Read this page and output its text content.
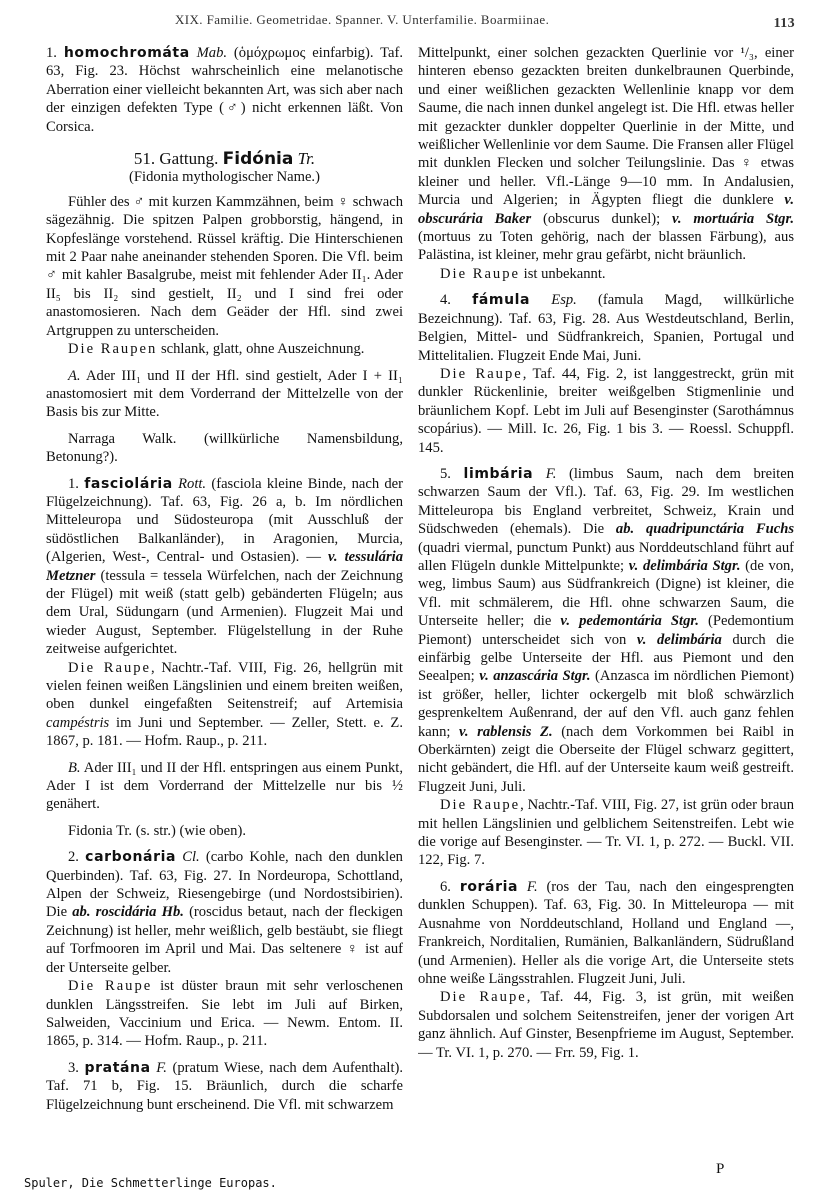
XIX. Familie. Geometridae. Spanner. V. Unterfamilie. Boarmiinae.	113

1. homochromáta Mab. (ὁμόχρωμος einfarbig). Taf. 63, Fig. 23. Höchst wahrscheinlich eine melanotische Aberration einer vielleicht bekannten Art, was sich aber nach der einzigen defekten Type (♂) nicht erkennen läßt. Von Corsica.

51. Gattung. Fidónia Tr.

(Fidonia mythologischer Name.)

Fühler des ♂ mit kurzen Kammzähnen, beim ♀ schwach sägezähnig. Die spitzen Palpen grobborstig, hängend, in Kopfeslänge vorstehend. Rüssel kräftig. Die Hinterschienen mit 2 Paar nahe aneinander stehenden Sporen. Die Vfl. beim ♂ mit kahler Basalgrube, meist mit fehlender Ader II₁. Ader II₅ bis II₂ sind gestielt, II₂ und I sind frei oder anastomosieren. Nach dem Geäder der Hfl. sind zwei Artgruppen zu unterscheiden.

Die Raupen schlank, glatt, ohne Auszeichnung.

A. Ader III₁ und II der Hfl. sind gestielt, Ader I + II₁ anastomosiert mit dem Vorderrand der Mittelzelle von der Basis bis zur Mitte.

Narraga Walk. (willkürliche Namensbildung, Betonung?).

1. fasciolária Rott. (fasciola kleine Binde, nach der Flügelzeichnung). Taf. 63, Fig. 26 a, b. Im nördlichen Mitteleuropa und Südosteuropa (mit Ausschluß der südöstlichen Balkanländer), in Aragonien, Murcia, (Algerien, West-, Central- und Ostasien). — v. tessulária Metzner (tessula = tessela Würfelchen, nach der Zeichnung der Flügel) mit weiß (statt gelb) gebänderten Flügeln; aus dem Ural, Südungarn (und Armenien). Flugzeit Mai und wieder August, September. Flügelstellung in der Ruhe zeitweise aufgerichtet.

Die Raupe, Nachtr.-Taf. VIII, Fig. 26, hellgrün mit vielen feinen weißen Längslinien und einem breiten weißen, oben dunkel eingefaßten Seitenstreif; auf Artemisia campéstris im Juni und September. — Zeller, Stett. e. Z. 1867, p. 181. — Hofm. Raup., p. 211.

B. Ader III₁ und II der Hfl. entspringen aus einem Punkt, Ader I ist dem Vorderrand der Mittelzelle nur bis ½ genähert.

Fidonia Tr. (s. str.) (wie oben).

2. carbonária Cl. (carbo Kohle, nach den dunklen Querbinden). Taf. 63, Fig. 27. In Nordeuropa, Schottland, Alpen der Schweiz, Riesengebirge (und Nordostsibirien). Die ab. roscidária Hb. (roscidus betaut, nach der fleckigen Zeichnung) ist heller, mehr weißlich, gelb bestäubt, sie fliegt auf Torfmooren im April und Mai. Das seltenere ♀ ist auf der Unterseite gelber.

Die Raupe ist düster braun mit sehr verloschenen dunklen Längsstreifen. Sie lebt im Juli auf Birken, Salweiden, Vaccinium und Erica. — Newm. Entom. II. 1865, p. 314. — Hofm. Raup., p. 211.

3. pratána F. (pratum Wiese, nach dem Aufenthalt). Taf. 71 b, Fig. 15. Bräunlich, durch die scharfe Flügelzeichnung bunt erscheinend. Die Vfl. mit schwarzem

Mittelpunkt, einer solchen gezackten Querlinie vor ¹/₃, einer hinteren ebenso gezackten breiten dunkelbraunen Querbinde, und einer weißlichen gezackten Wellenlinie knapp vor dem Saume, die nach innen dunkel angelegt ist. Die Hfl. etwas heller mit gezackter dunkler doppelter Querlinie in der Mitte, und weißlicher Wellenlinie vor dem Saume. Die Fransen aller Flügel mit dunklen Flecken und solcher Teilungslinie. Das ♀ etwas kleiner und heller. Vfl.-Länge 9—10 mm. In Andalusien, Murcia und Algerien; in Ägypten fliegt die dunklere v. obscurária Baker (obscurus dunkel); v. mortuária Stgr. (mortuus zu Toten gehörig, nach der blassen Färbung), aus Palästina, ist kleiner, mehr grau gefärbt, nicht bräunlich.

Die Raupe ist unbekannt.

4. fámula Esp. (famula Magd, willkürliche Bezeichnung). Taf. 63, Fig. 28. Aus Westdeutschland, Berlin, Belgien, Mittel- und Südfrankreich, Spanien, Portugal und Mittelitalien. Flugzeit Ende Mai, Juni.

Die Raupe, Taf. 44, Fig. 2, ist langgestreckt, grün mit dunkler Rückenlinie, breiter weißgelben Stigmenlinie und bräunlichem Kopf. Lebt im Juli auf Besenginster (Sarothámnus scopárius). — Mill. Ic. 26, Fig. 1 bis 3. — Roessl. Schuppfl. 145.

5. limbária F. (limbus Saum, nach dem breiten schwarzen Saum der Vfl.). Taf. 63, Fig. 29. Im westlichen Mitteleuropa bis England verbreitet, Schweiz, Krain und Südschweden (ehemals). Die ab. quadripunctária Fuchs (quadri viermal, punctum Punkt) aus Norddeutschland führt auf allen Flügeln dunkle Mittelpunkte; v. delimbária Stgr. (de von, weg, limbus Saum) aus Südfrankreich (Digne) ist kleiner, die Vfl. mit schmälerem, die Hfl. ohne schwarzen Saum, die Unterseite heller; die v. pedemontária Stgr. (Pedemontium Piemont) unterscheidet sich von v. delimbária durch die einfärbig gelbe Unterseite der Hfl. aus Piemont und den Seealpen; v. anzascária Stgr. (Anzasca im nördlichen Piemont) ist größer, heller, lichter ockergelb mit bloß schwärzlich gesprenkeltem Außenrand, der auf den Vfl. auch ganz fehlen kann; v. rablensis Z. (nach dem Vorkommen bei Raibl in Oberkärnten) zeigt die Oberseite der Flügel schwarz gegittert, nicht gebändert, die Hfl. auf der Unterseite kaum weiß gestreift. Flugzeit Juni, Juli.

Die Raupe, Nachtr.-Taf. VIII, Fig. 27, ist grün oder braun mit hellen Längslinien und gelblichem Seitenstreifen. Lebt wie die vorige auf Besenginster. — Tr. VI. 1, p. 272. — Buckl. VII. 122, Fig. 7.

6. rorária F. (ros der Tau, nach den eingesprengten dunklen Schuppen). Taf. 63, Fig. 30. In Mitteleuropa — mit Ausnahme von Norddeutschland, Holland und England —, Frankreich, Norditalien, Rumänien, Balkanländern, Südrußland (und Armenien). Heller als die vorige Art, die Unterseite stets ohne weiße Längsstrahlen. Flugzeit Juni, Juli.

Die Raupe, Taf. 44, Fig. 3, ist grün, mit weißen Subdorsalen und solchem Seitenstreifen, jener der vorigen Art ganz ähnlich. Auf Ginster, Besenpfrieme im August, September. — Tr. VI. 1, p. 270. — Frr. 59, Fig. 1.

Spuler, Die Schmetterlinge Europas.
P
